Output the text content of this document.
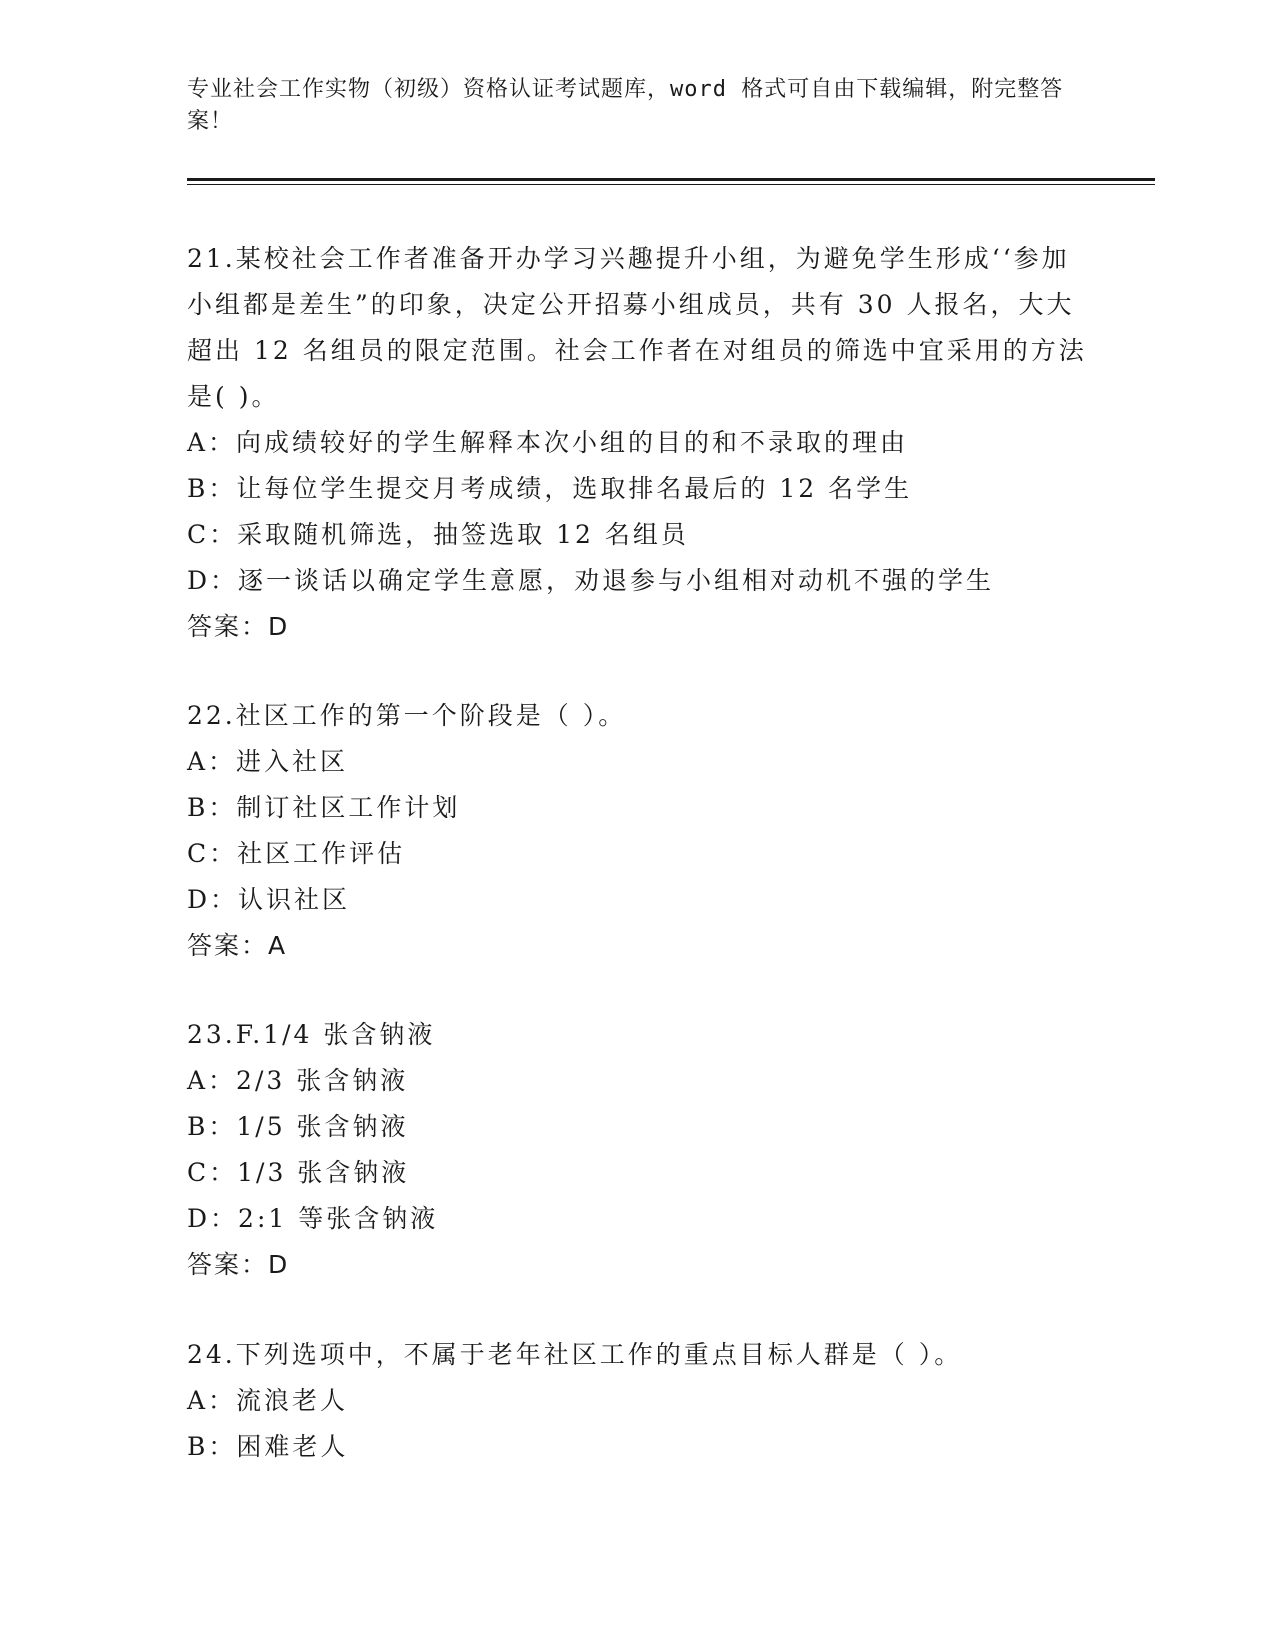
专业社会工作实物（初级）资格认证考试题库，word 格式可自由下载编辑，附完整答案！

21.某校社会工作者准备开办学习兴趣提升小组，为避免学生形成‘‘参加小组都是差生”的印象，决定公开招募小组成员，共有 30 人报名，大大超出 12 名组员的限定范围。社会工作者在对组员的筛选中宜采用的方法是( )。

A：向成绩较好的学生解释本次小组的目的和不录取的理由

B：让每位学生提交月考成绩，选取排名最后的 12 名学生

C：采取随机筛选，抽签选取 12 名组员

D：逐一谈话以确定学生意愿，劝退参与小组相对动机不强的学生

答案：D

22.社区工作的第一个阶段是（ ）。

A：进入社区

B：制订社区工作计划

C：社区工作评估

D：认识社区

答案：A

23.F.1/4 张含钠液

A：2/3 张含钠液

B：1/5 张含钠液

C：1/3 张含钠液

D：2:1 等张含钠液

答案：D

24.下列选项中，不属于老年社区工作的重点目标人群是（ ）。

A：流浪老人

B：困难老人
